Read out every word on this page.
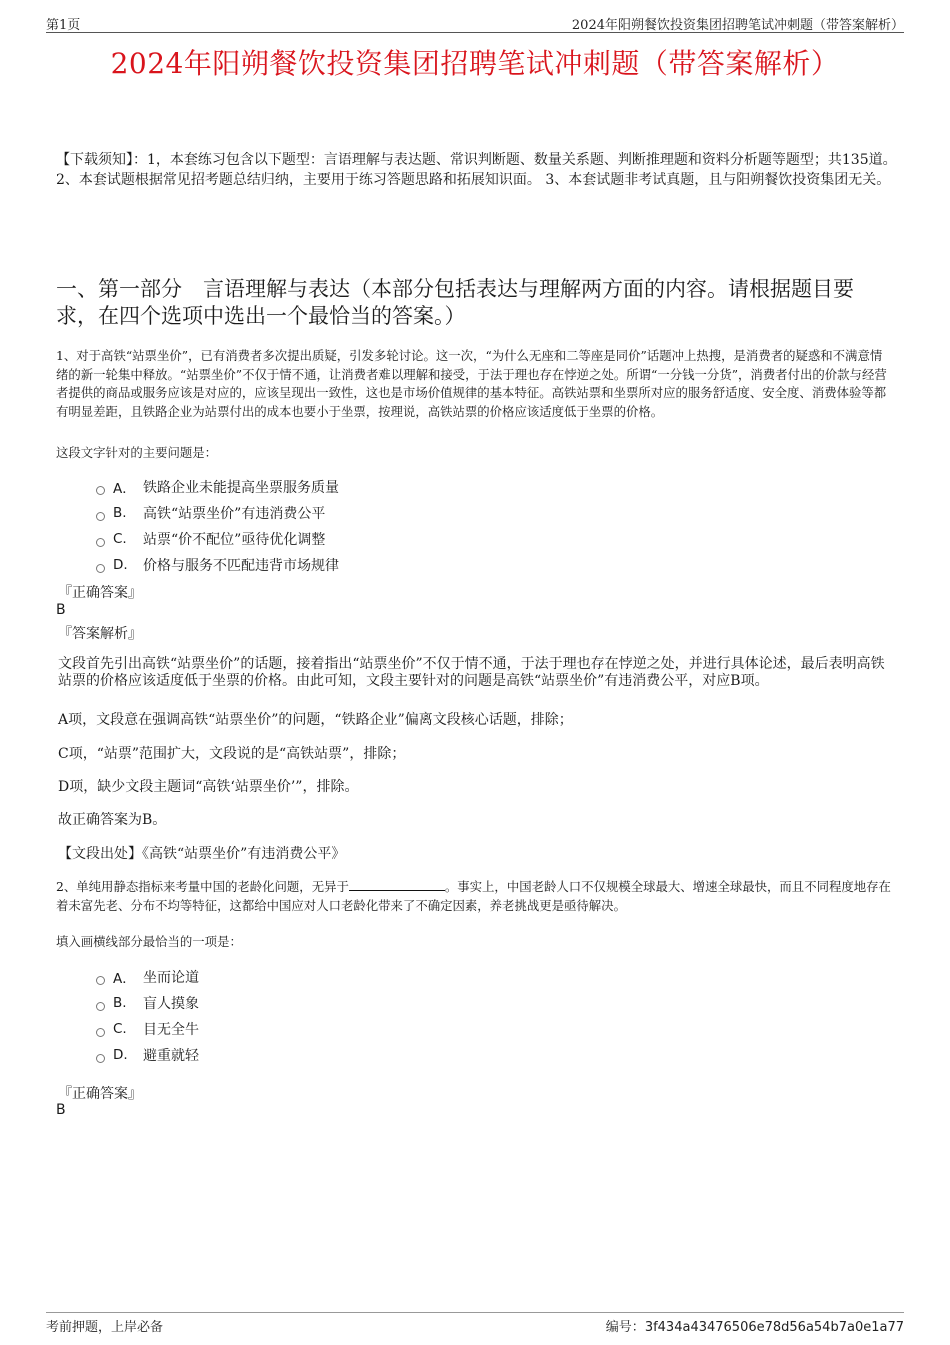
第1页	2024年阳朔餐饮投资集团招聘笔试冲刺题（带答案解析）
2024年阳朔餐饮投资集团招聘笔试冲刺题（带答案解析）
【下载须知】：1，本套练习包含以下题型：言语理解与表达题、常识判断题、数量关系题、判断推理题和资料分析题等题型；共135道。 2、本套试题根据常见招考题总结归纳，主要用于练习答题思路和拓展知识面。 3、本套试题非考试真题，且与阳朔餐饮投资集团无关。
一、第一部分　言语理解与表达（本部分包括表达与理解两方面的内容。请根据题目要求，在四个选项中选出一个最恰当的答案。）
1、对于高铁“站票坐价”，已有消费者多次提出质疑，引发多轮讨论。这一次，“为什么无座和二等座是同价”话题冲上热搜，是消费者的疑惑和不满意情绪的新一轮集中释放。“站票坐价”不仅于情不通，让消费者难以理解和接受，于法于理也存在悖逆之处。所谓“一分钱一分货”，消费者付出的价款与经营者提供的商品或服务应该是对应的，应该呈现出一致性，这也是市场价值规律的基本特征。高铁站票和坐票所对应的服务舒适度、安全度、消费体验等都有明显差距，且铁路企业为站票付出的成本也要小于坐票，按理说，高铁站票的价格应该适度低于坐票的价格。
这段文字针对的主要问题是：
A． 铁路企业未能提高坐票服务质量
B.	高铁“站票坐价”有违消费公平
C.	站票“价不配位”亟待优化调整
D.	价格与服务不匹配违背市场规律
『正确答案』
B
『答案解析』
文段首先引出高铁“站票坐价”的话题，接着指出“站票坐价”不仅于情不通，于法于理也存在悖逆之处，并进行具体论述，最后表明高铁站票的价格应该适度低于坐票的价格。由此可知，文段主要针对的问题是高铁“站票坐价”有违消费公平，对应B项。
A项，文段意在强调高铁“站票坐价”的问题，“铁路企业”偏离文段核心话题，排除；
C项，“站票”范围扩大，文段说的是“高铁站票”，排除；
D项，缺少文段主题词“高铁‘站票坐价’”，排除。
故正确答案为B。
【文段出处】《高铁“站票坐价”有违消费公平》
2、单纯用静态指标来考量中国的老龄化问题，无异于	。事实上，中国老龄人口不仅规模全球最大、增速全球最快，而且不同程度地存在着未富先老、分布不均等特征，这都给中国应对人口老龄化带来了不确定因素，养老挑战更是亟待解决。
填入画横线部分最恰当的一项是：
A． 坐而论道
B.	盲人摸象
C.	目无全牛
D.	避重就轻
『正确答案』
B
考前押题，上岸必备	编号：3f434a43476506e78d56a54b7a0e1a77
